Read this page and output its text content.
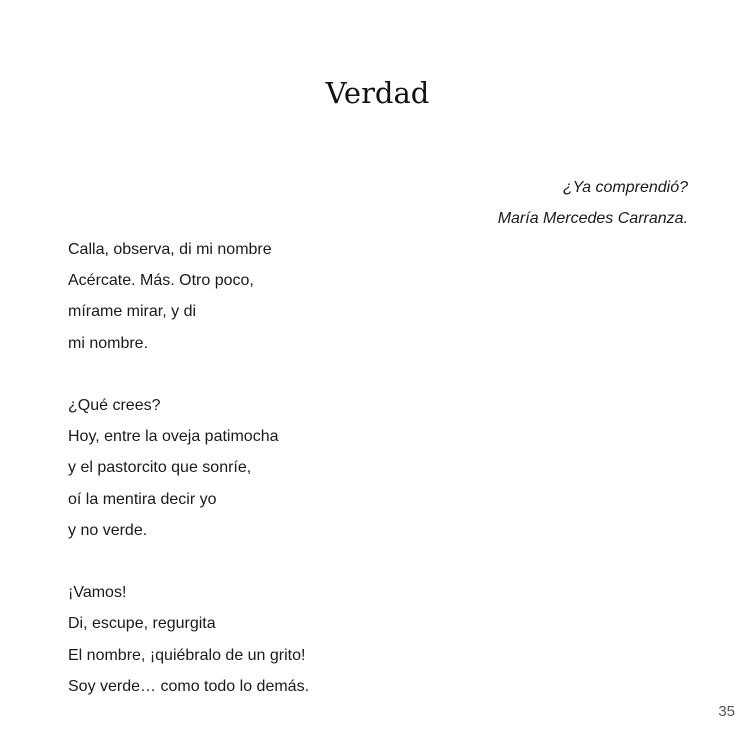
Verdad
¿Ya comprendió?
María Mercedes Carranza.
Calla, observa, di mi nombre
Acércate. Más. Otro poco,
mírame mirar, y di
mi nombre.
¿Qué crees?
Hoy, entre la oveja patimocha
y el pastorcito que sonríe,
oí la mentira decir yo
y no verde.
¡Vamos!
Di, escupe, regurgita
El nombre, ¡quiébralo de un grito!
Soy verde… como todo lo demás.
35
